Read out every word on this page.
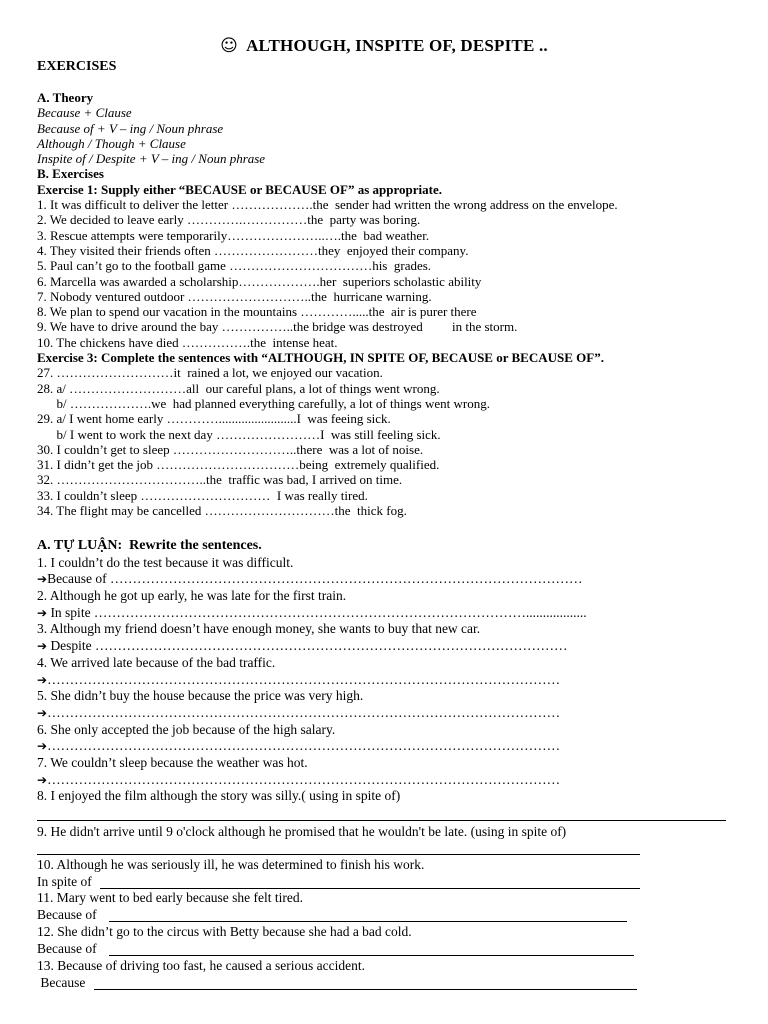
☺ ALTHOUGH, INSPITE OF, DESPITE ..
EXERCISES
A. Theory
Because + Clause
Because of + V – ing / Noun phrase
Although / Though + Clause
Inspite of / Despite + V – ing / Noun phrase
B. Exercises
Exercise 1: Supply either “BECAUSE or BECAUSE OF” as appropriate.
1. It was difficult to deliver the letter ……………….the  sender had written the wrong address on the envelope.
2. We decided to leave early ………….……………the  party was boring.
3. Rescue attempts were temporarily…………………..….the  bad weather.
4. They visited their friends often ……………………they  enjoyed their company.
5. Paul can’t go to the football game ……………………………his  grades.
6. Marcella was awarded a scholarship……………….her  superiors scholastic ability
7. Nobody ventured outdoor ………………………..the  hurricane warning.
8. We plan to spend our vacation in the mountains ………….....the  air is purer there
9. We have to drive around the bay ……………..the bridge was destroyed         in the storm.
10. The chickens have died …………….the  intense heat.
Exercise 3: Complete the sentences with “ALTHOUGH, IN SPITE OF, BECAUSE or BECAUSE OF”.
27. ………………………it  rained a lot, we enjoyed our vacation.
28. a/ ………………………all  our careful plans, a lot of things went wrong.
b/ ……………….we  had planned everything carefully, a lot of things went wrong.
29. a/ I went home early …………........................I  was feeing sick.
b/ I went to work the next day ……………………I  was still feeling sick.
30. I couldn’t get to sleep ………………………..there  was a lot of noise.
31. I didn’t get the job ……………………………being  extremely qualified.
32. ……………………………..the  traffic was bad, I arrived on time.
33. I couldn’t sleep …………………………  I was really tired.
34. The flight may be cancelled …………………………the  thick fog.
A. TỰ LUẬN:  Rewrite the sentences.
1. I couldn’t do the test because it was difficult.
➔Because of ……………………………………………………………………………………………
2. Although he got up early, he was late for the first train.
➔ In spite ……………………………………………………………………………………..................
3. Although my friend doesn’t have enough money, she wants to buy that new car.
➔ Despite ……………………………………………………………………………………………
4. We arrived late because of the bad traffic.
➔……………………………………………………………………………………………………
5. She didn’t buy the house because the price was very high.
➔……………………………………………………………………………………………………
6. She only accepted the job because of the high salary.
➔……………………………………………………………………………………………………
7. We couldn’t sleep because the weather was hot.
➔……………………………………………………………………………………………………
8. I enjoyed the film although the story was silly.( using in spite of)
9. He didn't arrive until 9 o'clock although he promised that he wouldn't be late. (using in spite of)
10. Although he was seriously ill, he was determined to finish his work.
In spite of
11. Mary went to bed early because she felt tired.
Because of
12. She didn’t go to the circus with Betty because she had a bad cold.
Because of
13. Because of driving too fast, he caused a serious accident.
Because
